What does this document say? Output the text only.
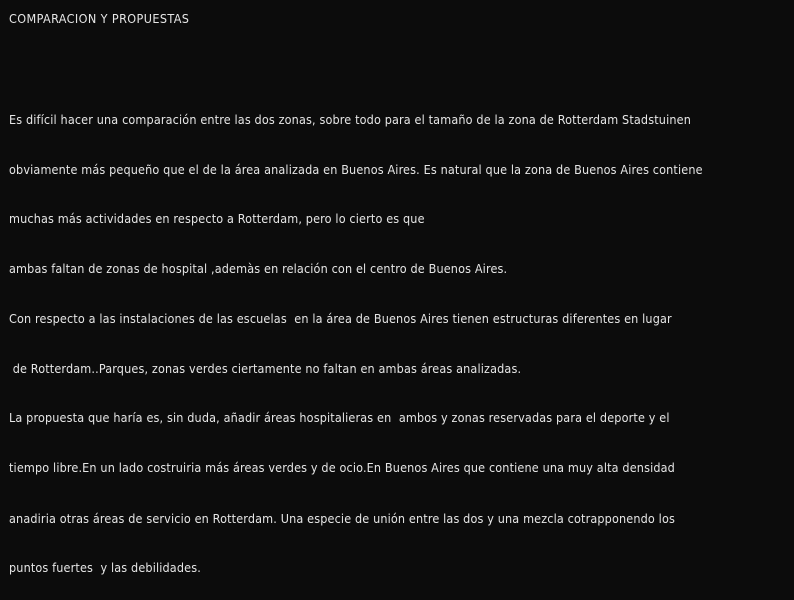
COMPARACION Y PROPUESTAS
Es difícil hacer una comparación entre las dos zonas, sobre todo para el tamaño de la zona de Rotterdam Stadstuinen
obviamente más pequeño que el de la área analizada en Buenos Aires. Es natural que la zona de Buenos Aires contiene
muchas más actividades en respecto a Rotterdam, pero lo cierto es que
ambas faltan de zonas de hospital ,ademàs en relación con el centro de Buenos Aires.
Con respecto a las instalaciones de las escuelas  en la área de Buenos Aires tienen estructuras diferentes en lugar
de Rotterdam..Parques, zonas verdes ciertamente no faltan en ambas áreas analizadas.
La propuesta que haría es, sin duda, añadir áreas hospitalieras en  ambos y zonas reservadas para el deporte y el
tiempo libre.En un lado costruiria más áreas verdes y de ocio.En Buenos Aires que contiene una muy alta densidad
anadiria otras áreas de servicio en Rotterdam. Una especie de unión entre las dos y una mezcla cotrapponendo los
puntos fuertes  y las debilidades.
